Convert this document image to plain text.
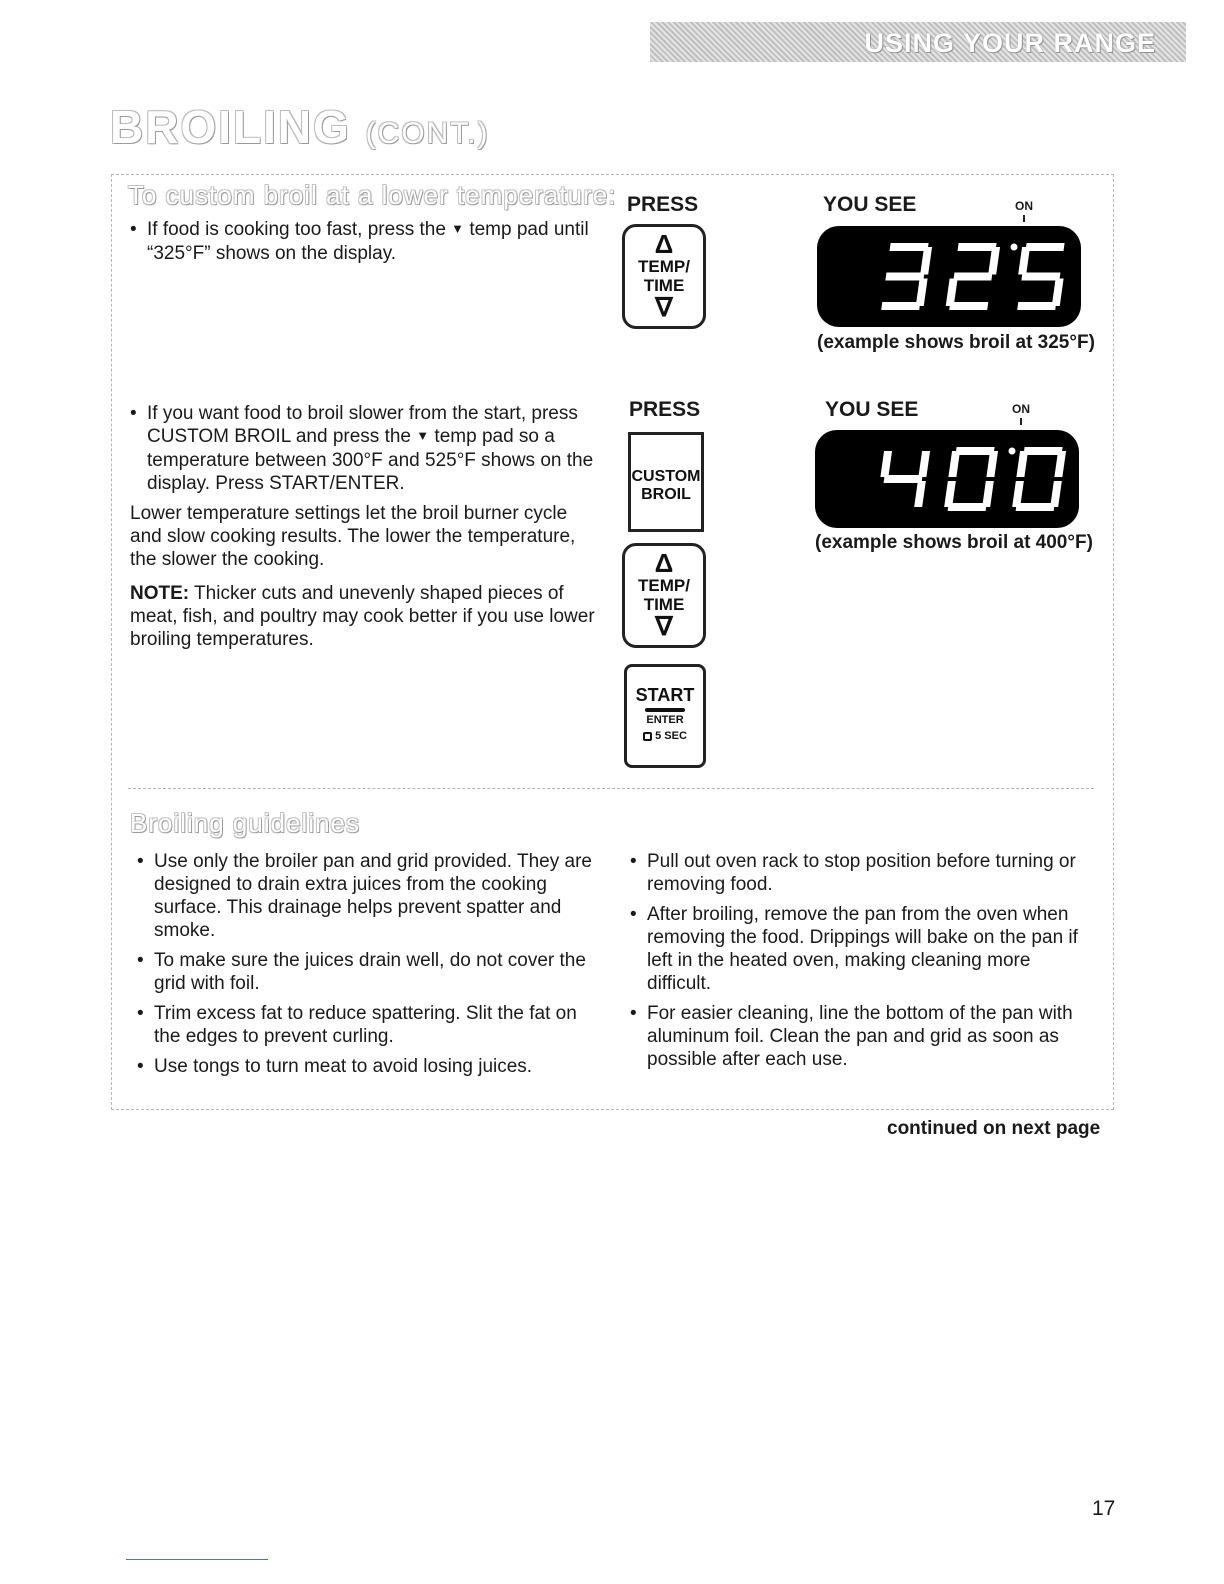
USING YOUR RANGE
BROILING (CONT.)
To custom broil at a lower temperature:
• If food is cooking too fast, press the ▼ temp pad until “325°F” shows on the display.
PRESS	YOU SEE	ON
Δ
TEMP/
TIME
∇
(example shows broil at 325°F)
• If you want food to broil slower from the start, press CUSTOM BROIL and press the ▼ temp pad so a temperature between 300°F and 525°F shows on the display. Press START/ENTER.

Lower temperature settings let the broil burner cycle and slow cooking results. The lower the temperature, the slower the cooking.

NOTE: Thicker cuts and unevenly shaped pieces of meat, fish, and poultry may cook better if you use lower broiling temperatures.

PRESS	YOU SEE	ON
CUSTOM
BROIL
Δ
TEMP/
TIME
∇
START
ENTER
5 SEC
(example shows broil at 400°F)
Broiling guidelines
• Use only the broiler pan and grid provided. They are designed to drain extra juices from the cooking surface. This drainage helps prevent spatter and smoke.
• To make sure the juices drain well, do not cover the grid with foil.
• Trim excess fat to reduce spattering. Slit the fat on the edges to prevent curling.
• Use tongs to turn meat to avoid losing juices.
• Pull out oven rack to stop position before turning or removing food.
• After broiling, remove the pan from the oven when removing the food. Drippings will bake on the pan if left in the heated oven, making cleaning more difficult.
• For easier cleaning, line the bottom of the pan with aluminum foil. Clean the pan and grid as soon as possible after each use.
continued on next page
17
